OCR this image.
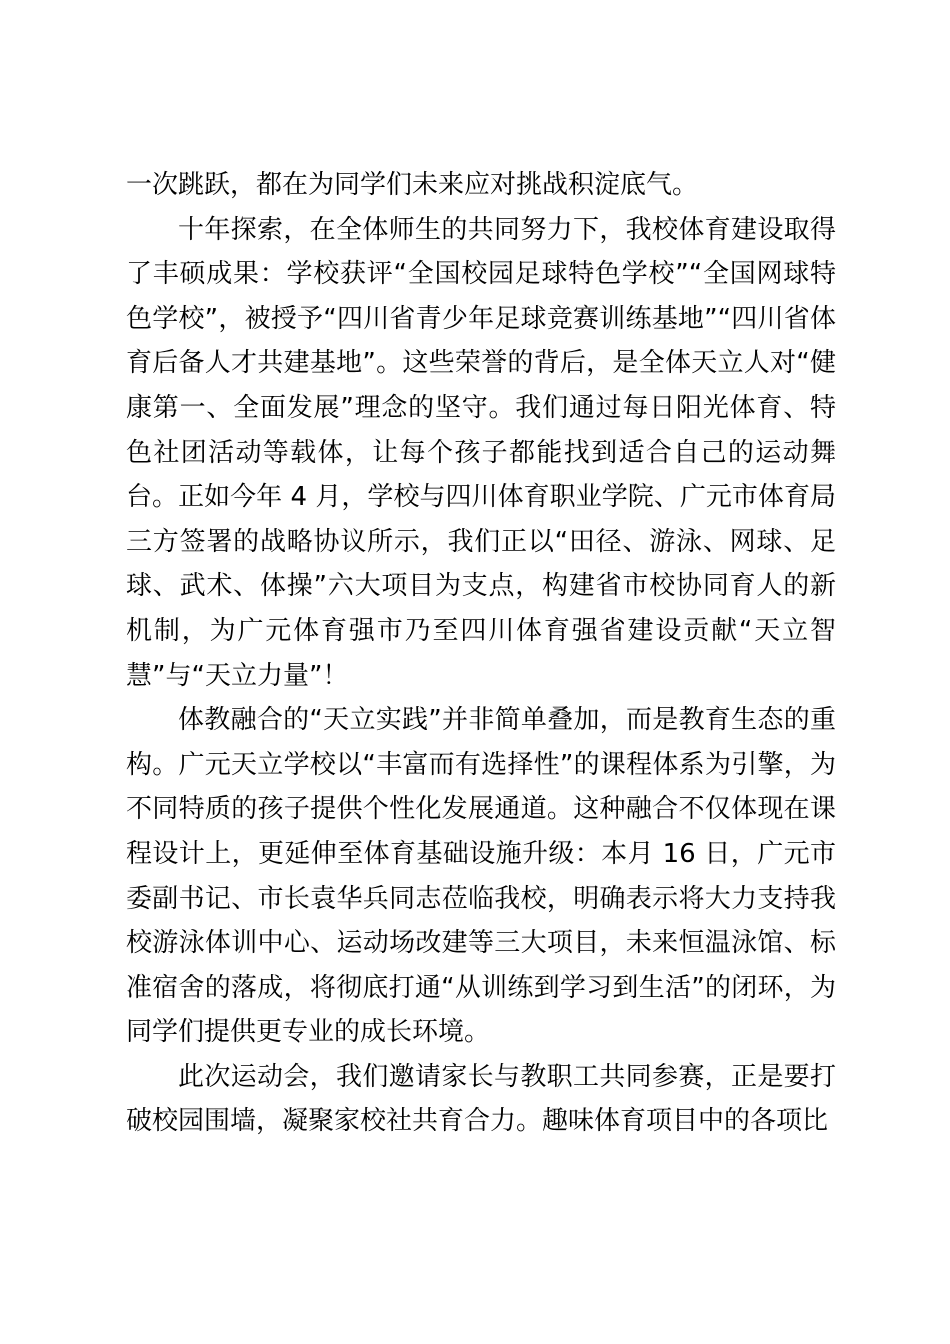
一次跳跃，都在为同学们未来应对挑战积淀底气。

十年探索，在全体师生的共同努力下，我校体育建设取得了丰硕成果：学校获评“全国校园足球特色学校”“全国网球特色学校”，被授予“四川省青少年足球竞赛训练基地”“四川省体育后备人才共建基地”。这些荣誉的背后，是全体天立人对“健康第一、全面发展”理念的坚守。我们通过每日阳光体育、特色社团活动等载体，让每个孩子都能找到适合自己的运动舞台。正如今年 4 月，学校与四川体育职业学院、广元市体育局三方签署的战略协议所示，我们正以“田径、游泳、网球、足球、武术、体操”六大项目为支点，构建省市校协同育人的新机制，为广元体育强市乃至四川体育强省建设贡献“天立智慧”与“天立力量”！

体教融合的“天立实践”并非简单叠加，而是教育生态的重构。广元天立学校以“丰富而有选择性”的课程体系为引擎，为不同特质的孩子提供个性化发展通道。这种融合不仅体现在课程设计上，更延伸至体育基础设施升级：本月 16 日，广元市委副书记、市长袁华兵同志莅临我校，明确表示将大力支持我校游泳体训中心、运动场改建等三大项目，未来恒温泳馆、标准宿舍的落成，将彻底打通“从训练到学习到生活”的闭环，为同学们提供更专业的成长环境。

此次运动会，我们邀请家长与教职工共同参赛，正是要打破校园围墙，凝聚家校社共育合力。趣味体育项目中的各项比
